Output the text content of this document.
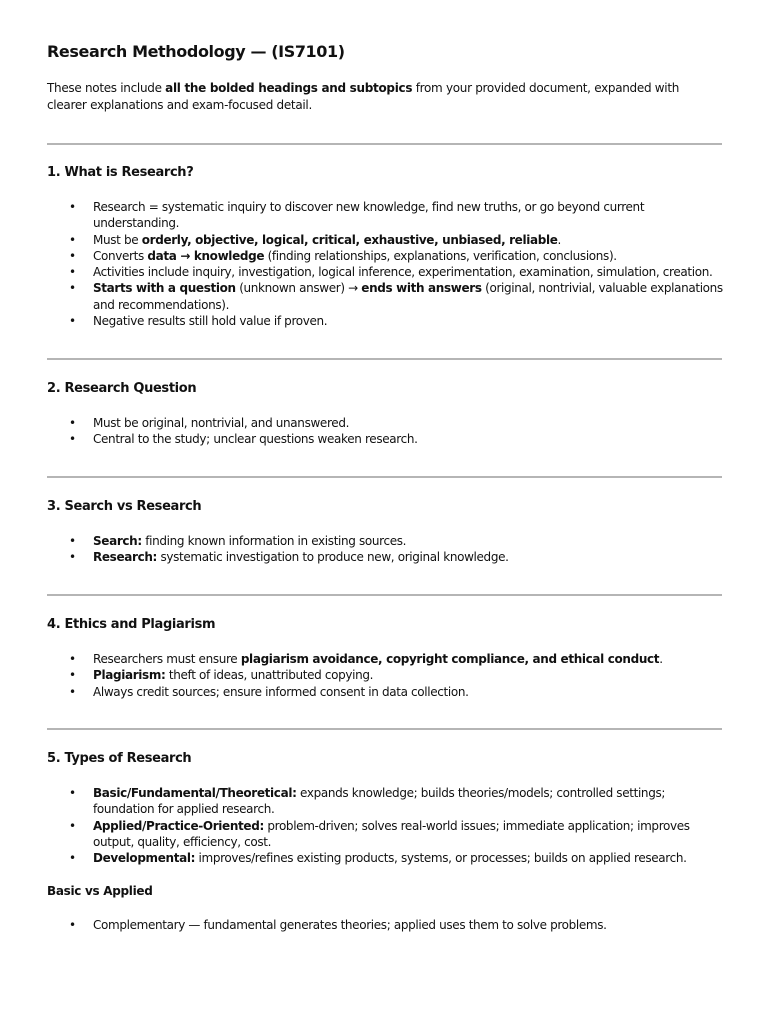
Research Methodology — (IS7101)
These notes include all the bolded headings and subtopics from your provided document, expanded with clearer explanations and exam-focused detail.
1. What is Research?
• Research = systematic inquiry to discover new knowledge, find new truths, or go beyond current understanding.
• Must be orderly, objective, logical, critical, exhaustive, unbiased, reliable.
• Converts data → knowledge (finding relationships, explanations, verification, conclusions).
• Activities include inquiry, investigation, logical inference, experimentation, examination, simulation, creation.
• Starts with a question (unknown answer) → ends with answers (original, nontrivial, valuable explanations and recommendations).
• Negative results still hold value if proven.
2. Research Question
• Must be original, nontrivial, and unanswered.
• Central to the study; unclear questions weaken research.
3. Search vs Research
• Search: finding known information in existing sources.
• Research: systematic investigation to produce new, original knowledge.
4. Ethics and Plagiarism
• Researchers must ensure plagiarism avoidance, copyright compliance, and ethical conduct.
• Plagiarism: theft of ideas, unattributed copying.
• Always credit sources; ensure informed consent in data collection.
5. Types of Research
• Basic/Fundamental/Theoretical: expands knowledge; builds theories/models; controlled settings; foundation for applied research.
• Applied/Practice-Oriented: problem-driven; solves real-world issues; immediate application; improves output, quality, efficiency, cost.
• Developmental: improves/refines existing products, systems, or processes; builds on applied research.
Basic vs Applied
• Complementary — fundamental generates theories; applied uses them to solve problems.
